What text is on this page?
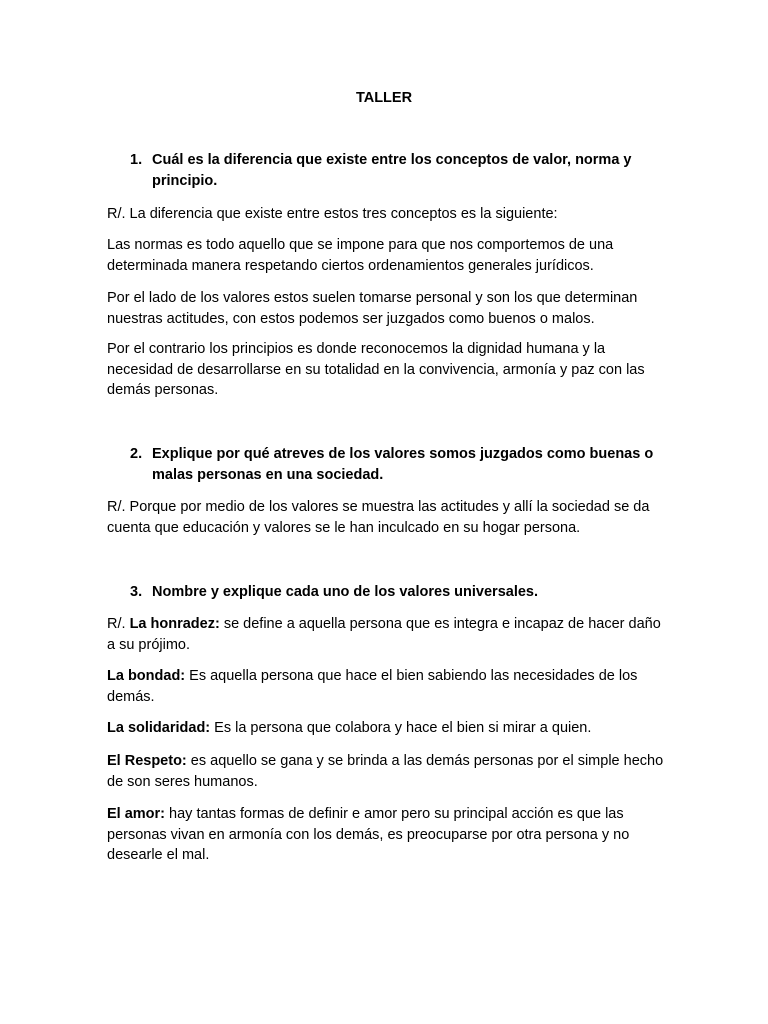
TALLER
1. Cuál es la diferencia que existe entre los conceptos de valor, norma y principio.
R/. La diferencia que existe entre estos tres conceptos es la siguiente:
Las normas es todo aquello que se impone para que nos comportemos de una determinada manera respetando ciertos ordenamientos generales jurídicos.
Por el lado de los valores estos suelen tomarse personal y son los que determinan nuestras actitudes, con estos podemos ser juzgados como buenos o malos.
Por el contrario los principios es donde reconocemos la dignidad humana y la necesidad de desarrollarse en su totalidad en la convivencia, armonía y paz con las demás personas.
2. Explique por qué atreves de los valores somos juzgados como buenas o malas personas en una sociedad.
R/. Porque por medio de los valores se muestra las actitudes y allí la sociedad se da cuenta que educación y valores se le han inculcado en su hogar persona.
3. Nombre y explique cada uno de los valores universales.
R/. La honradez: se define a aquella persona que es integra e incapaz de hacer daño a su prójimo.
La bondad: Es aquella persona que hace el bien sabiendo las necesidades de los demás.
La solidaridad: Es la persona que colabora y hace el bien si mirar a quien.
El Respeto: es aquello se gana y se brinda a las demás personas por el simple hecho de son seres humanos.
El amor: hay tantas formas de definir e amor pero su principal acción es que las personas vivan en armonía con los demás, es preocuparse por otra persona y no desearle el mal.
